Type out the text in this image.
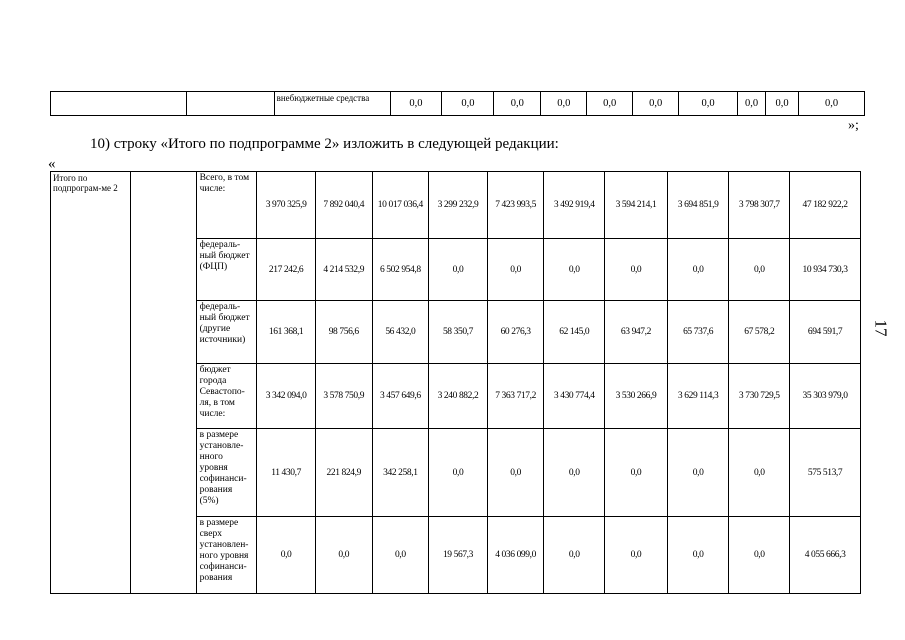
		внебюджетные средства	0,0	0,0	0,0	0,0	0,0	0,0	0,0	0,0	0,0	0,0
»;
10) строку «Итого по подпрограмме 2» изложить в следующей редакции:
«
Итого по подпрограм-ме 2		Всего, в том числе:	3 970 325,9	7 892 040,4	10 017 036,4	3 299 232,9	7 423 993,5	3 492 919,4	3 594 214,1	3 694 851,9	3 798 307,7	47 182 922,2
		федераль-ный бюджет (ФЦП)	217 242,6	4 214 532,9	6 502 954,8	0,0	0,0	0,0	0,0	0,0	0,0	10 934 730,3
		федераль-ный бюджет (другие источники)	161 368,1	98 756,6	56 432,0	58 350,7	60 276,3	62 145,0	63 947,2	65 737,6	67 578,2	694 591,7
		бюджет города Севастопо-ля, в том числе:	3 342 094,0	3 578 750,9	3 457 649,6	3 240 882,2	7 363 717,2	3 430 774,4	3 530 266,9	3 629 114,3	3 730 729,5	35 303 979,0
		в размере установле-нного уровня софинанси-рования (5%)	11 430,7	221 824,9	342 258,1	0,0	0,0	0,0	0,0	0,0	0,0	575 513,7
		в размере сверх установлен-ного уровня софинанси-рования	0,0	0,0	0,0	19 567,3	4 036 099,0	0,0	0,0	0,0	0,0	4 055 666,3
17
